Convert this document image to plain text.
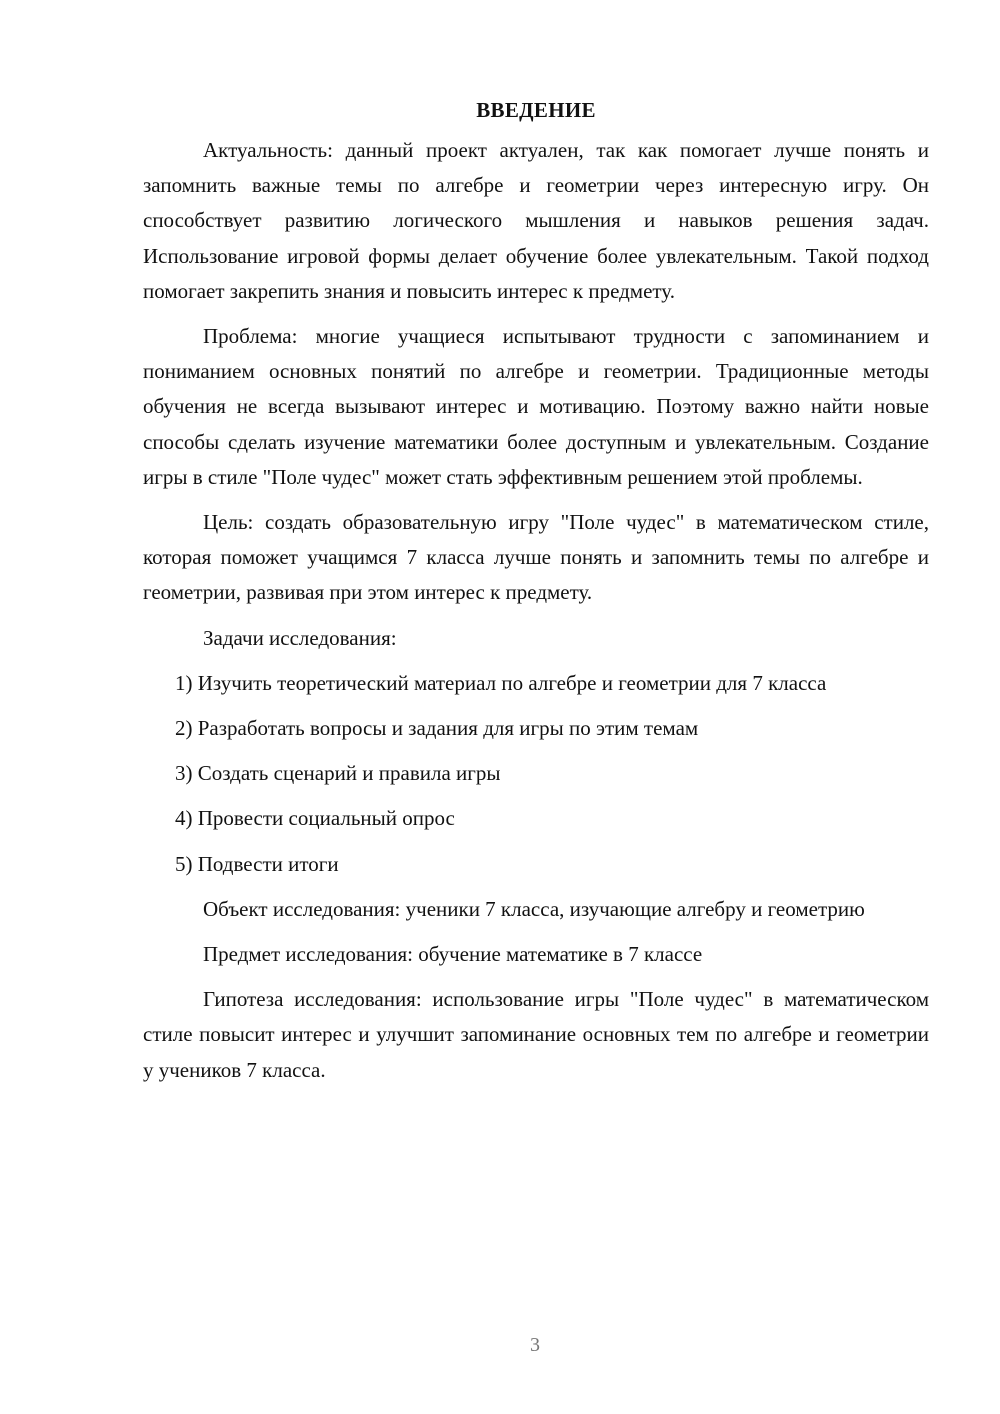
ВВЕДЕНИЕ

Актуальность: данный проект актуален, так как помогает лучше понять и запомнить важные темы по алгебре и геометрии через интересную игру. Он способствует развитию логического мышления и навыков решения задач. Использование игровой формы делает обучение более увлекательным. Такой подход помогает закрепить знания и повысить интерес к предмету.

Проблема: многие учащиеся испытывают трудности с запоминанием и пониманием основных понятий по алгебре и геометрии. Традиционные методы обучения не всегда вызывают интерес и мотивацию. Поэтому важно найти новые способы сделать изучение математики более доступным и увлекательным. Создание игры в стиле "Поле чудес" может стать эффективным решением этой проблемы.

Цель: создать образовательную игру "Поле чудес" в математическом стиле, которая поможет учащимся 7 класса лучше понять и запомнить темы по алгебре и геометрии, развивая при этом интерес к предмету.

Задачи исследования:

1) Изучить теоретический материал по алгебре и геометрии для 7 класса

2) Разработать вопросы и задания для игры по этим темам

3) Создать сценарий и правила игры

4) Провести социальный опрос

5) Подвести итоги

Объект исследования: ученики 7 класса, изучающие алгебру и геометрию

Предмет исследования: обучение математике в 7 классе

Гипотеза исследования: использование игры "Поле чудес" в математическом стиле повысит интерес и улучшит запоминание основных тем по алгебре и геометрии у учеников 7 класса.

3
